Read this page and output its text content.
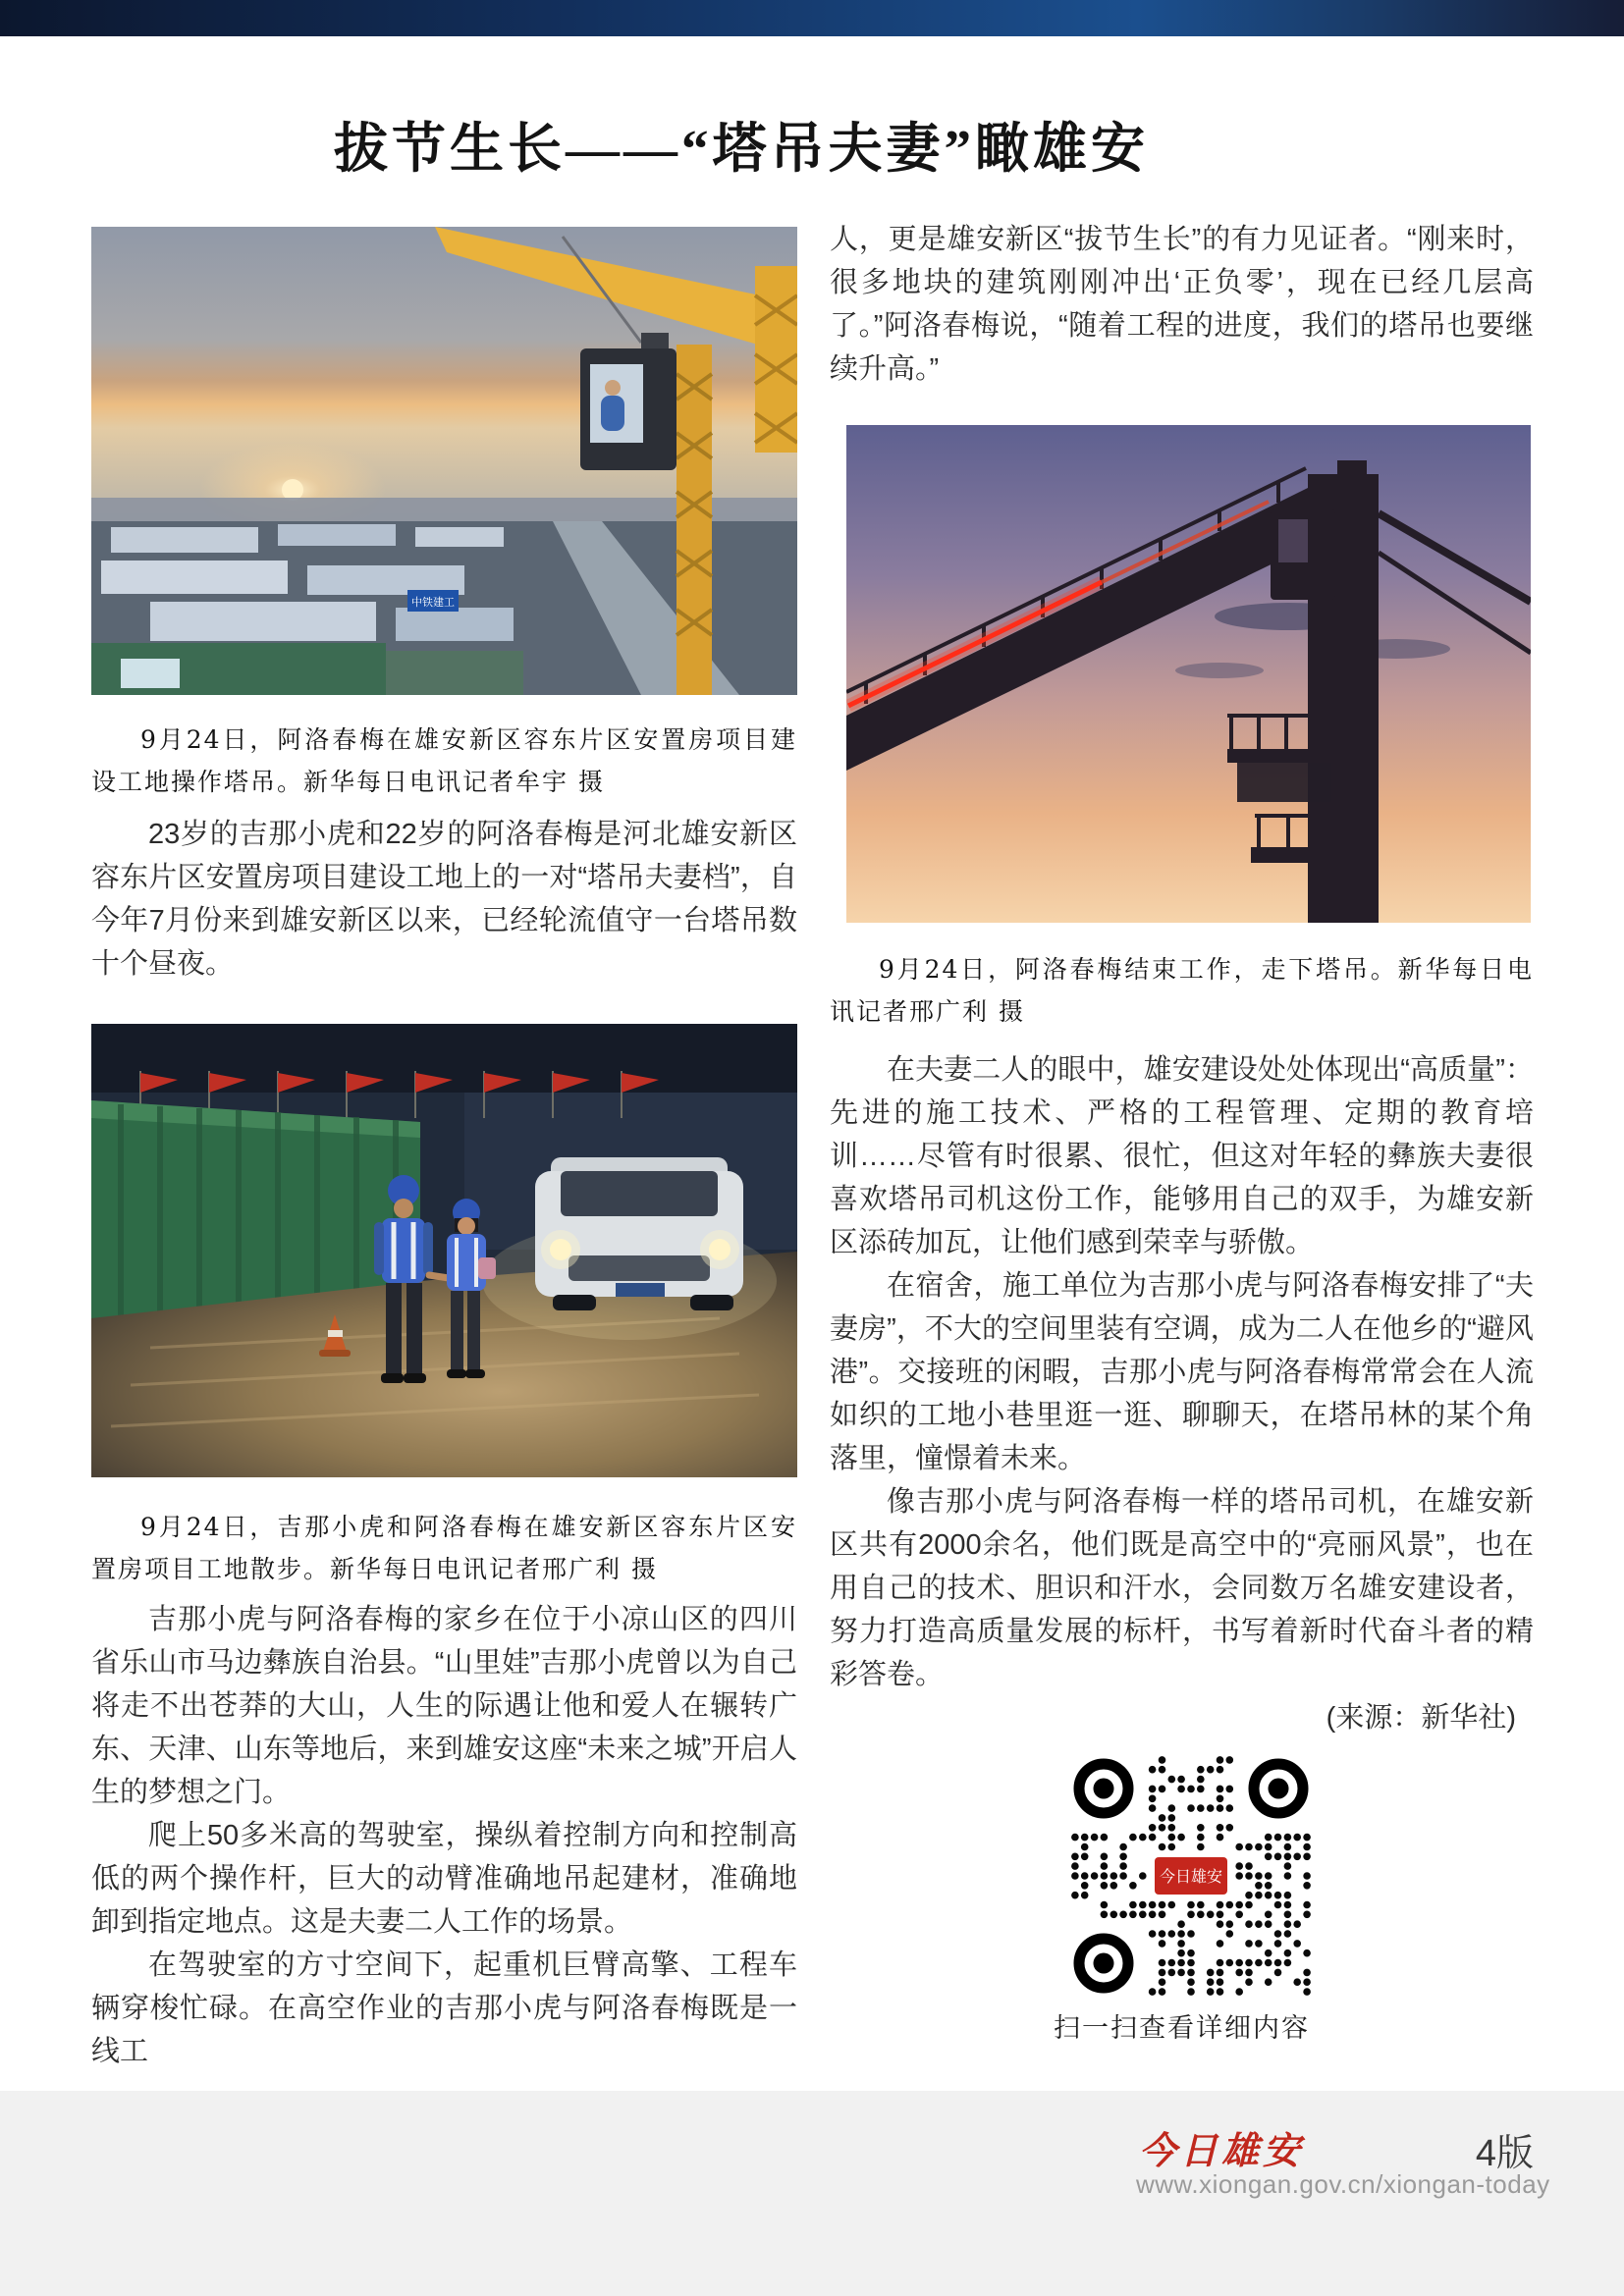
拔节生长——“塔吊夫妻”瞰雄安
中铁建工
9月24日，阿洛春梅在雄安新区容东片区安置房项目建设工地操作塔吊。新华每日电讯记者牟宇 摄

23岁的吉那小虎和22岁的阿洛春梅是河北雄安新区容东片区安置房项目建设工地上的一对“塔吊夫妻档”，自今年7月份来到雄安新区以来，已经轮流值守一台塔吊数十个昼夜。

9月24日，吉那小虎和阿洛春梅在雄安新区容东片区安置房项目工地散步。新华每日电讯记者邢广利 摄

吉那小虎与阿洛春梅的家乡在位于小凉山区的四川省乐山市马边彝族自治县。“山里娃”吉那小虎曾以为自己将走不出苍莽的大山，人生的际遇让他和爱人在辗转广东、天津、山东等地后，来到雄安这座“未来之城”开启人生的梦想之门。

爬上50多米高的驾驶室，操纵着控制方向和控制高低的两个操作杆，巨大的动臂准确地吊起建材，准确地卸到指定地点。这是夫妻二人工作的场景。

在驾驶室的方寸空间下，起重机巨臂高擎、工程车辆穿梭忙碌。在高空作业的吉那小虎与阿洛春梅既是一线工

人，更是雄安新区“拔节生长”的有力见证者。“刚来时，很多地块的建筑刚刚冲出‘正负零’，现在已经几层高了。”阿洛春梅说，“随着工程的进度，我们的塔吊也要继续升高。”

9月24日，阿洛春梅结束工作，走下塔吊。新华每日电讯记者邢广利 摄

在夫妻二人的眼中，雄安建设处处体现出“高质量”：先进的施工技术、严格的工程管理、定期的教育培训……尽管有时很累、很忙，但这对年轻的彝族夫妻很喜欢塔吊司机这份工作，能够用自己的双手，为雄安新区添砖加瓦，让他们感到荣幸与骄傲。

在宿舍，施工单位为吉那小虎与阿洛春梅安排了“夫妻房”，不大的空间里装有空调，成为二人在他乡的“避风港”。交接班的闲暇，吉那小虎与阿洛春梅常常会在人流如织的工地小巷里逛一逛、聊聊天，在塔吊林的某个角落里，憧憬着未来。

像吉那小虎与阿洛春梅一样的塔吊司机，在雄安新区共有2000余名，他们既是高空中的“亮丽风景”，也在用自己的技术、胆识和汗水，会同数万名雄安建设者，努力打造高质量发展的标杆，书写着新时代奋斗者的精彩答卷。

(来源：新华社)

今日雄安
扫一扫查看详细内容
今日雄安	4版
www.xiongan.gov.cn/xiongan-today
